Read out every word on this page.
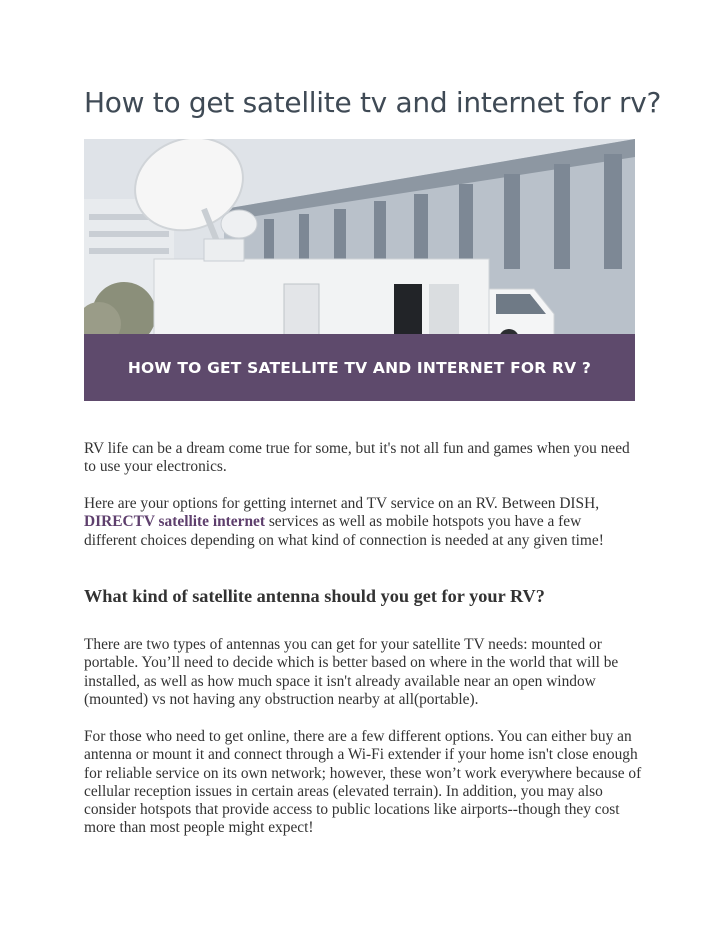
How to get satellite tv and internet for rv?
HOW TO GET SATELLITE TV AND INTERNET FOR RV ?

RV life can be a dream come true for some, but it's not all fun and games when you need to use your electronics.

Here are your options for getting internet and TV service on an RV. Between DISH, DIRECTV satellite internet services as well as mobile hotspots you have a few different choices depending on what kind of connection is needed at any given time!

What kind of satellite antenna should you get for your RV?

There are two types of antennas you can get for your satellite TV needs: mounted or portable. You’ll need to decide which is better based on where in the world that will be installed, as well as how much space it isn't already available near an open window (mounted) vs not having any obstruction nearby at all(portable).

For those who need to get online, there are a few different options. You can either buy an antenna or mount it and connect through a Wi-Fi extender if your home isn't close enough for reliable service on its own network; however, these won’t work everywhere because of cellular reception issues in certain areas (elevated terrain). In addition, you may also consider hotspots that provide access to public locations like airports--though they cost more than most people might expect!
